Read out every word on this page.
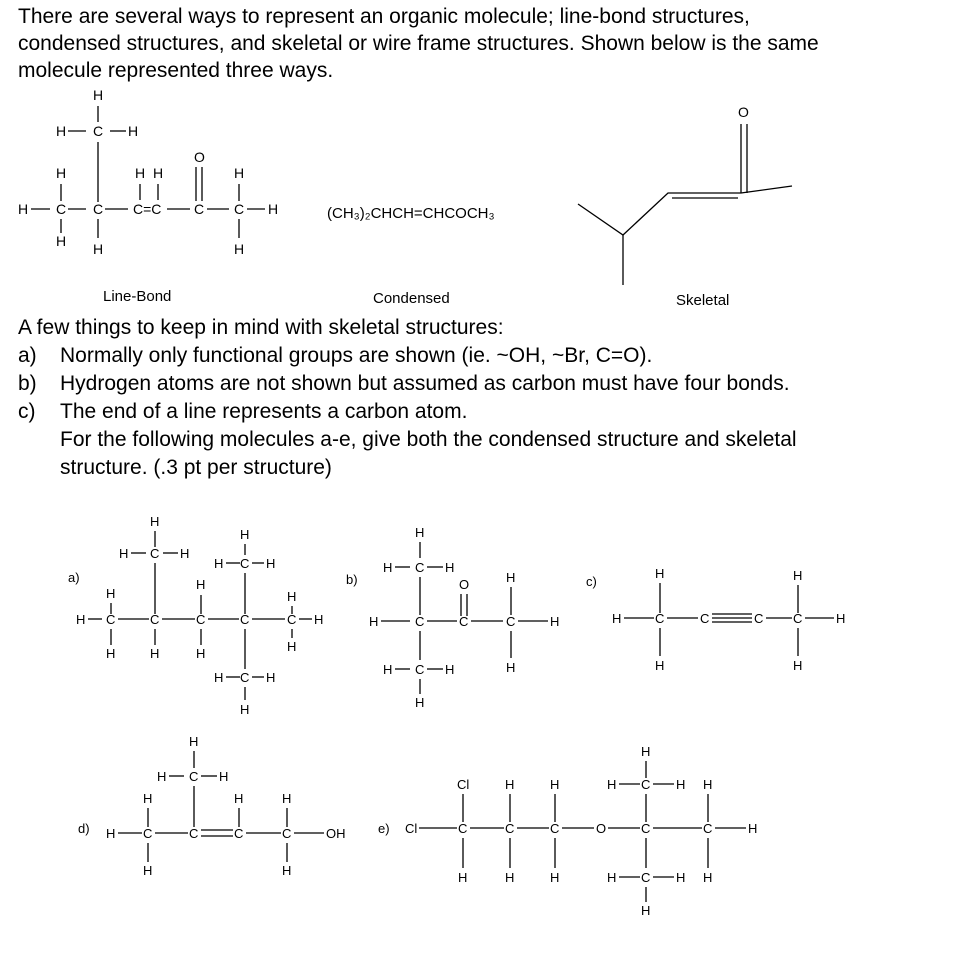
There are several ways to represent an organic molecule; line-bond structures,

condensed structures, and skeletal or wire frame structures. Shown below is the same

molecule represented three ways.

Line-Bond	Condensed	Skeletal
A few things to keep in mind with skeletal structures:
a)	Normally only functional groups are shown (ie. ~OH, ~Br, C=O).
b)	Hydrogen atoms are not shown but assumed as carbon must have four bonds.
c)	The end of a line represents a carbon atom.
For the following molecules a-e, give both the condensed structure and skeletal
structure. (.3 pt per structure)
H
H C H
H	H H
O
H
H C C C=C C C H
H H	H
(CH₃)₂CHCH=CHCOCH₃
O
a)
H
H C H
H
H C H
H
H
H
H C	C	C	C	C H
H	H	H	H
H C H
H
b)
H
H C H
O	H
H	C	C	C	H
H
H C H
H
c)
H	H
H	C	C	C C	H
H	H
d)
H
H C H
H	H	H
H C	C	C	C	OH
H	H
e)
H
Cl	H	H	H C H H
Cl	C	C	C	O	C	C	H
H	H	H	H
H C H
H
